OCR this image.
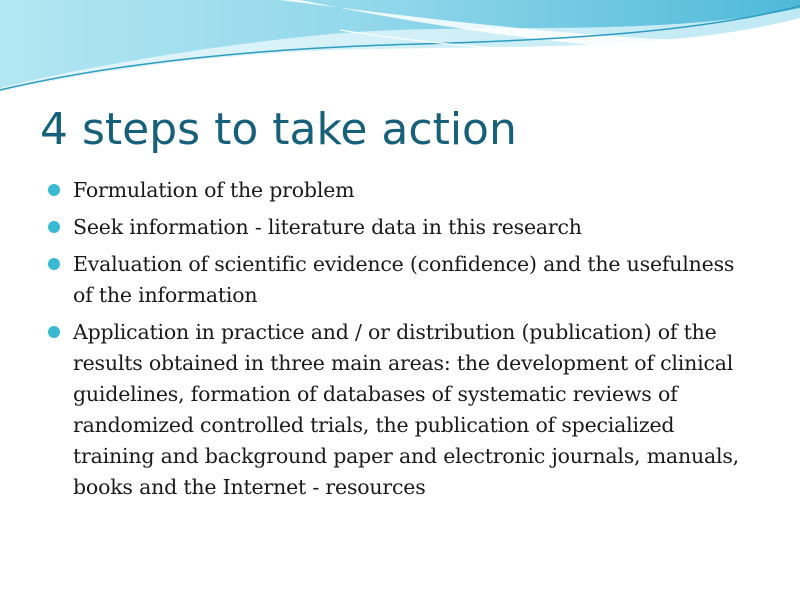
4 steps to take action
Formulation of the problem
Seek information - literature data in this research
Evaluation of scientific evidence (confidence) and the usefulness of the information
Application in practice and / or distribution (publication) of the results obtained in three main areas: the development of clinical guidelines, formation of databases of systematic reviews of randomized controlled trials, the publication of specialized training and background paper and electronic journals, manuals, books and the Internet - resources
